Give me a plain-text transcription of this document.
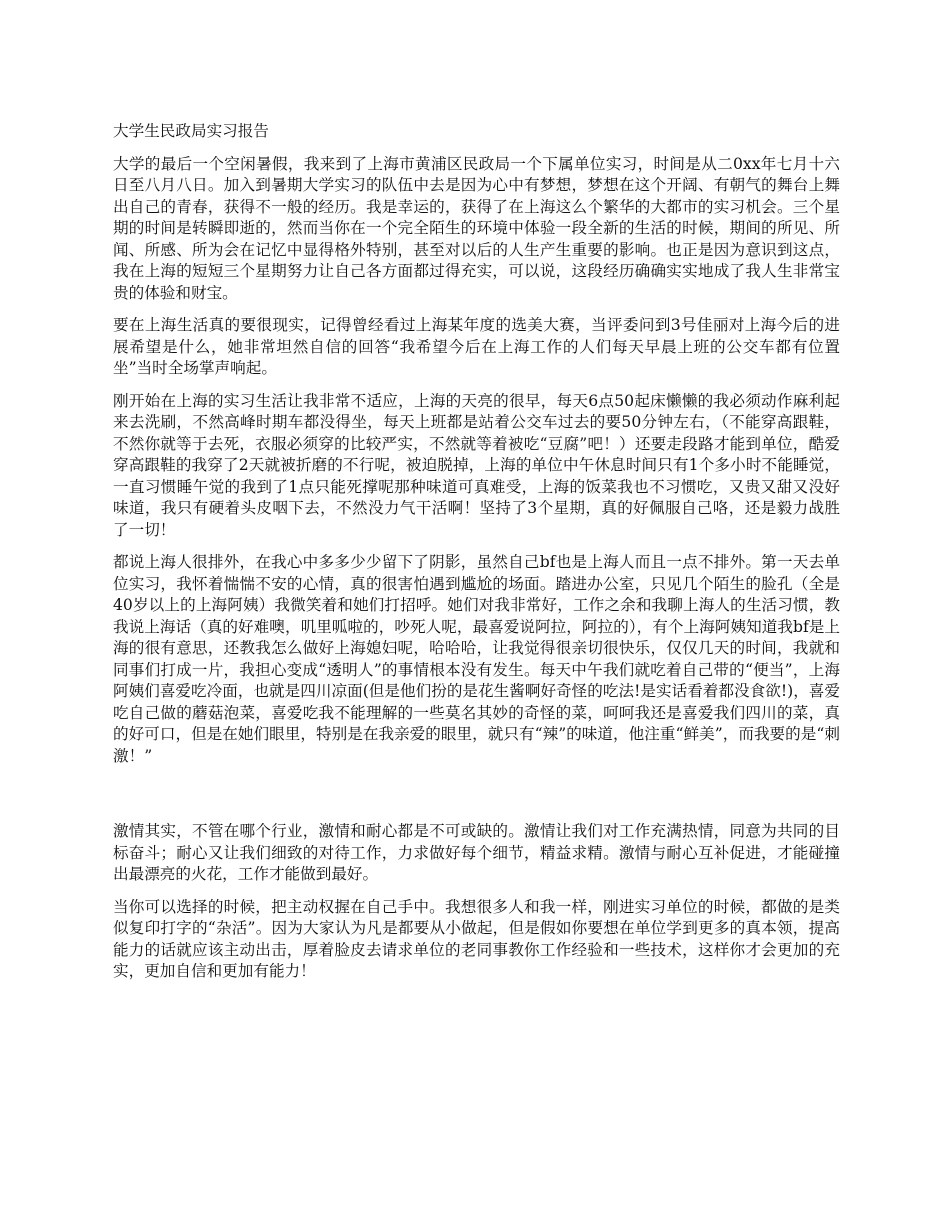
大学生民政局实习报告

大学的最后一个空闲暑假，我来到了上海市黄浦区民政局一个下属单位实习，时间是从二0xx年七月十六日至八月八日。加入到暑期大学实习的队伍中去是因为心中有梦想，梦想在这个开阔、有朝气的舞台上舞出自己的青春，获得不一般的经历。我是幸运的，获得了在上海这么个繁华的大都市的实习机会。三个星期的时间是转瞬即逝的，然而当你在一个完全陌生的环境中体验一段全新的生活的时候，期间的所见、所闻、所感、所为会在记忆中显得格外特别，甚至对以后的人生产生重要的影响。也正是因为意识到这点，我在上海的短短三个星期努力让自己各方面都过得充实，可以说，这段经历确确实实地成了我人生非常宝贵的体验和财宝。

要在上海生活真的要很现实，记得曾经看过上海某年度的选美大赛，当评委问到3号佳丽对上海今后的进展希望是什么，她非常坦然自信的回答“我希望今后在上海工作的人们每天早晨上班的公交车都有位置坐”当时全场掌声响起。

刚开始在上海的实习生活让我非常不适应，上海的天亮的很早，每天6点50起床懒懒的我必须动作麻利起来去洗刷，不然高峰时期车都没得坐，每天上班都是站着公交车过去的要50分钟左右，（不能穿高跟鞋，不然你就等于去死，衣服必须穿的比较严实，不然就等着被吃“豆腐”吧！）还要走段路才能到单位，酷爱穿高跟鞋的我穿了2天就被折磨的不行呢，被迫脱掉，上海的单位中午休息时间只有1个多小时不能睡觉，一直习惯睡午觉的我到了1点只能死撑呢那种味道可真难受，上海的饭菜我也不习惯吃，又贵又甜又没好味道，我只有硬着头皮咽下去，不然没力气干活啊！坚持了3个星期，真的好佩服自己咯，还是毅力战胜了一切！

都说上海人很排外，在我心中多多少少留下了阴影，虽然自己bf也是上海人而且一点不排外。第一天去单位实习，我怀着惴惴不安的心情，真的很害怕遇到尴尬的场面。踏进办公室，只见几个陌生的脸孔（全是40岁以上的上海阿姨）我微笑着和她们打招呼。她们对我非常好，工作之余和我聊上海人的生活习惯，教我说上海话（真的好难噢，叽里呱啦的，吵死人呢，最喜爱说阿拉，阿拉的），有个上海阿姨知道我bf是上海的很有意思，还教我怎么做好上海媳妇呢，哈哈哈，让我觉得很亲切很快乐，仅仅几天的时间，我就和同事们打成一片，我担心变成“透明人”的事情根本没有发生。每天中午我们就吃着自己带的“便当”，上海阿姨们喜爱吃冷面，也就是四川凉面(但是他们扮的是花生酱啊好奇怪的吃法!是实话看着都没食欲!)，喜爱吃自己做的蘑菇泡菜，喜爱吃我不能理解的一些莫名其妙的奇怪的菜，呵呵我还是喜爱我们四川的菜，真的好可口，但是在她们眼里，特别是在我亲爱的眼里，就只有“辣”的味道，他注重“鲜美”，而我要的是“刺激！”

激情其实，不管在哪个行业，激情和耐心都是不可或缺的。激情让我们对工作充满热情，同意为共同的目标奋斗；耐心又让我们细致的对待工作，力求做好每个细节，精益求精。激情与耐心互补促进，才能碰撞出最漂亮的火花，工作才能做到最好。

当你可以选择的时候，把主动权握在自己手中。我想很多人和我一样，刚进实习单位的时候，都做的是类似复印打字的“杂活”。因为大家认为凡是都要从小做起，但是假如你要想在单位学到更多的真本领，提高能力的话就应该主动出击，厚着脸皮去请求单位的老同事教你工作经验和一些技术，这样你才会更加的充实，更加自信和更加有能力！
